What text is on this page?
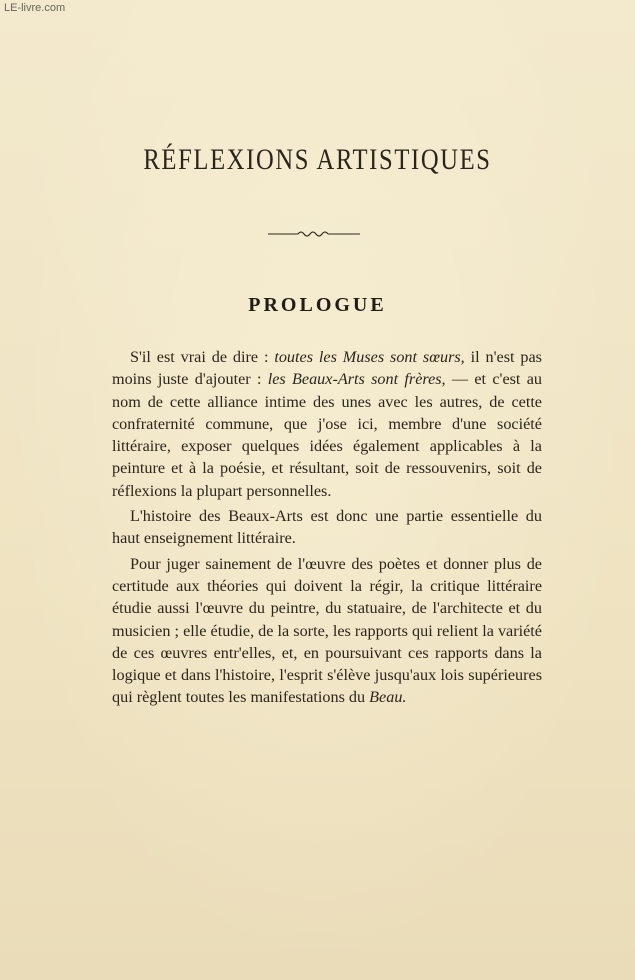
LE-livre.com
RÉFLEXIONS ARTISTIQUES
PROLOGUE

S'il est vrai de dire : toutes les Muses sont sœurs, il n'est pas moins juste d'ajouter : les Beaux-Arts sont frères, — et c'est au nom de cette alliance intime des unes avec les autres, de cette confraternité commune, que j'ose ici, membre d'une société littéraire, exposer quelques idées également applicables à la peinture et à la poésie, et résultant, soit de ressouvenirs, soit de réflexions la plupart personnelles.

L'histoire des Beaux-Arts est donc une partie essentielle du haut enseignement littéraire.

Pour juger sainement de l'œuvre des poètes et donner plus de certitude aux théories qui doivent la régir, la critique littéraire étudie aussi l'œuvre du peintre, du statuaire, de l'architecte et du musicien ; elle étudie, de la sorte, les rapports qui relient la variété de ces œuvres entr'elles, et, en poursuivant ces rapports dans la logique et dans l'histoire, l'esprit s'élève jusqu'aux lois supérieures qui règlent toutes les manifestations du Beau.
